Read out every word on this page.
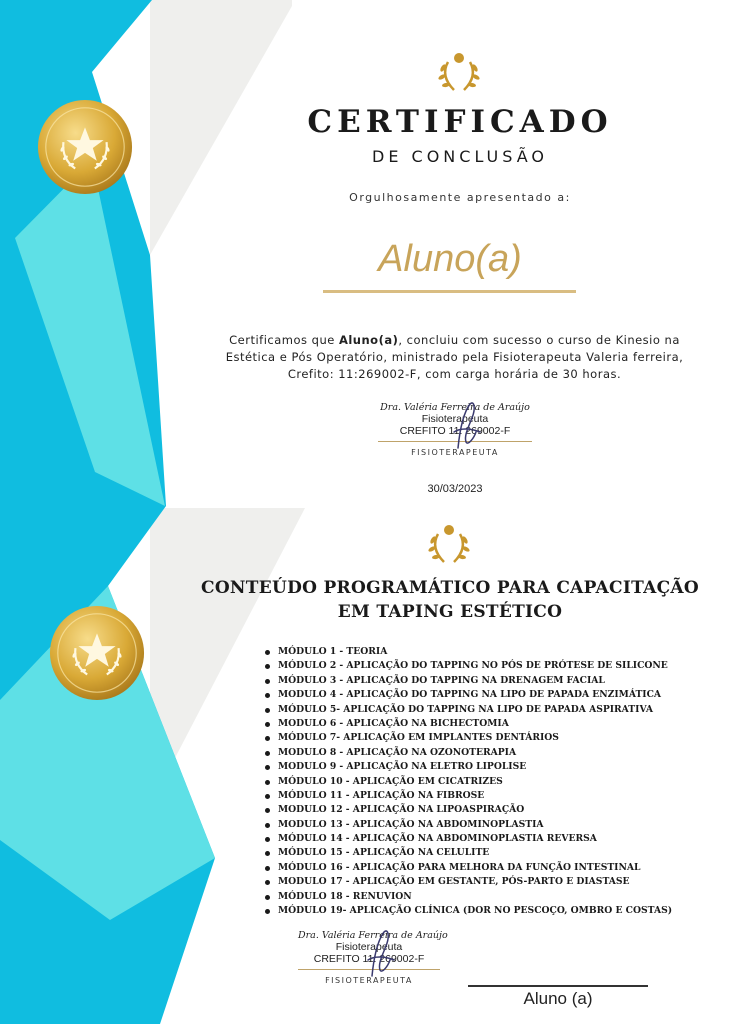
CERTIFICADO
DE CONCLUSÃO
Orgulhosamente apresentado a:
Aluno(a)

Certificamos que Aluno(a), concluiu com sucesso o curso de Kinesio na Estética e Pós Operatório, ministrado pela Fisioterapeuta Valeria ferreira, Crefito: 11:269002-F, com carga horária de 30 horas.

Dra. Valéria Ferreira de Araújo
Fisioterapeuta
CREFITO 11: 269002-F
FISIOTERAPEUTA
30/03/2023
CONTEÚDO PROGRAMÁTICO PARA CAPACITAÇÃO
EM TAPING ESTÉTICO
MÓDULO 1 - TEORIA
MÓDULO 2 - APLICAÇÃO DO TAPPING NO PÓS DE PRÓTESE DE SILICONE
MÓDULO 3 - APLICAÇÃO DO TAPPING NA DRENAGEM FACIAL
MODULO 4 - APLICAÇÃO DO TAPPING NA LIPO DE PAPADA ENZIMÁTICA
MÓDULO 5- APLICAÇÃO DO TAPPING NA LIPO DE PAPADA ASPIRATIVA
MODULO 6 - APLICAÇÃO NA BICHECTOMIA
MÓDULO 7- APLICAÇÃO EM IMPLANTES DENTÁRIOS
MODULO 8 - APLICAÇÃO NA OZONOTERAPIA
MODULO 9 - APLICAÇÃO NA ELETRO LIPOLISE
MÓDULO 10 - APLICAÇÃO EM CICATRIZES
MÓDULO 11 - APLICAÇÃO NA FIBROSE
MODULO 12 - APLICAÇÃO NA LIPOASPIRAÇÃO
MODULO 13 - APLICAÇÃO NA ABDOMINOPLASTIA
MÓDULO 14 - APLICAÇÃO NA ABDOMINOPLASTIA REVERSA
MÓDULO 15 - APLICAÇÃO NA CELULITE
MÓDULO 16 - APLICAÇÃO PARA MELHORA DA FUNÇÃO INTESTINAL
MODULO 17 - APLICAÇÃO EM GESTANTE, PÓS-PARTO E DIASTASE
MÓDULO 18 - RENUVION
MÓDULO 19- APLICAÇÃO CLÍNICA (DOR NO PESCOÇO, OMBRO E COSTAS)
Dra. Valéria Ferreira de Araújo
Fisioterapeuta
CREFITO 11: 269002-F
FISIOTERAPEUTA
Aluno (a)
